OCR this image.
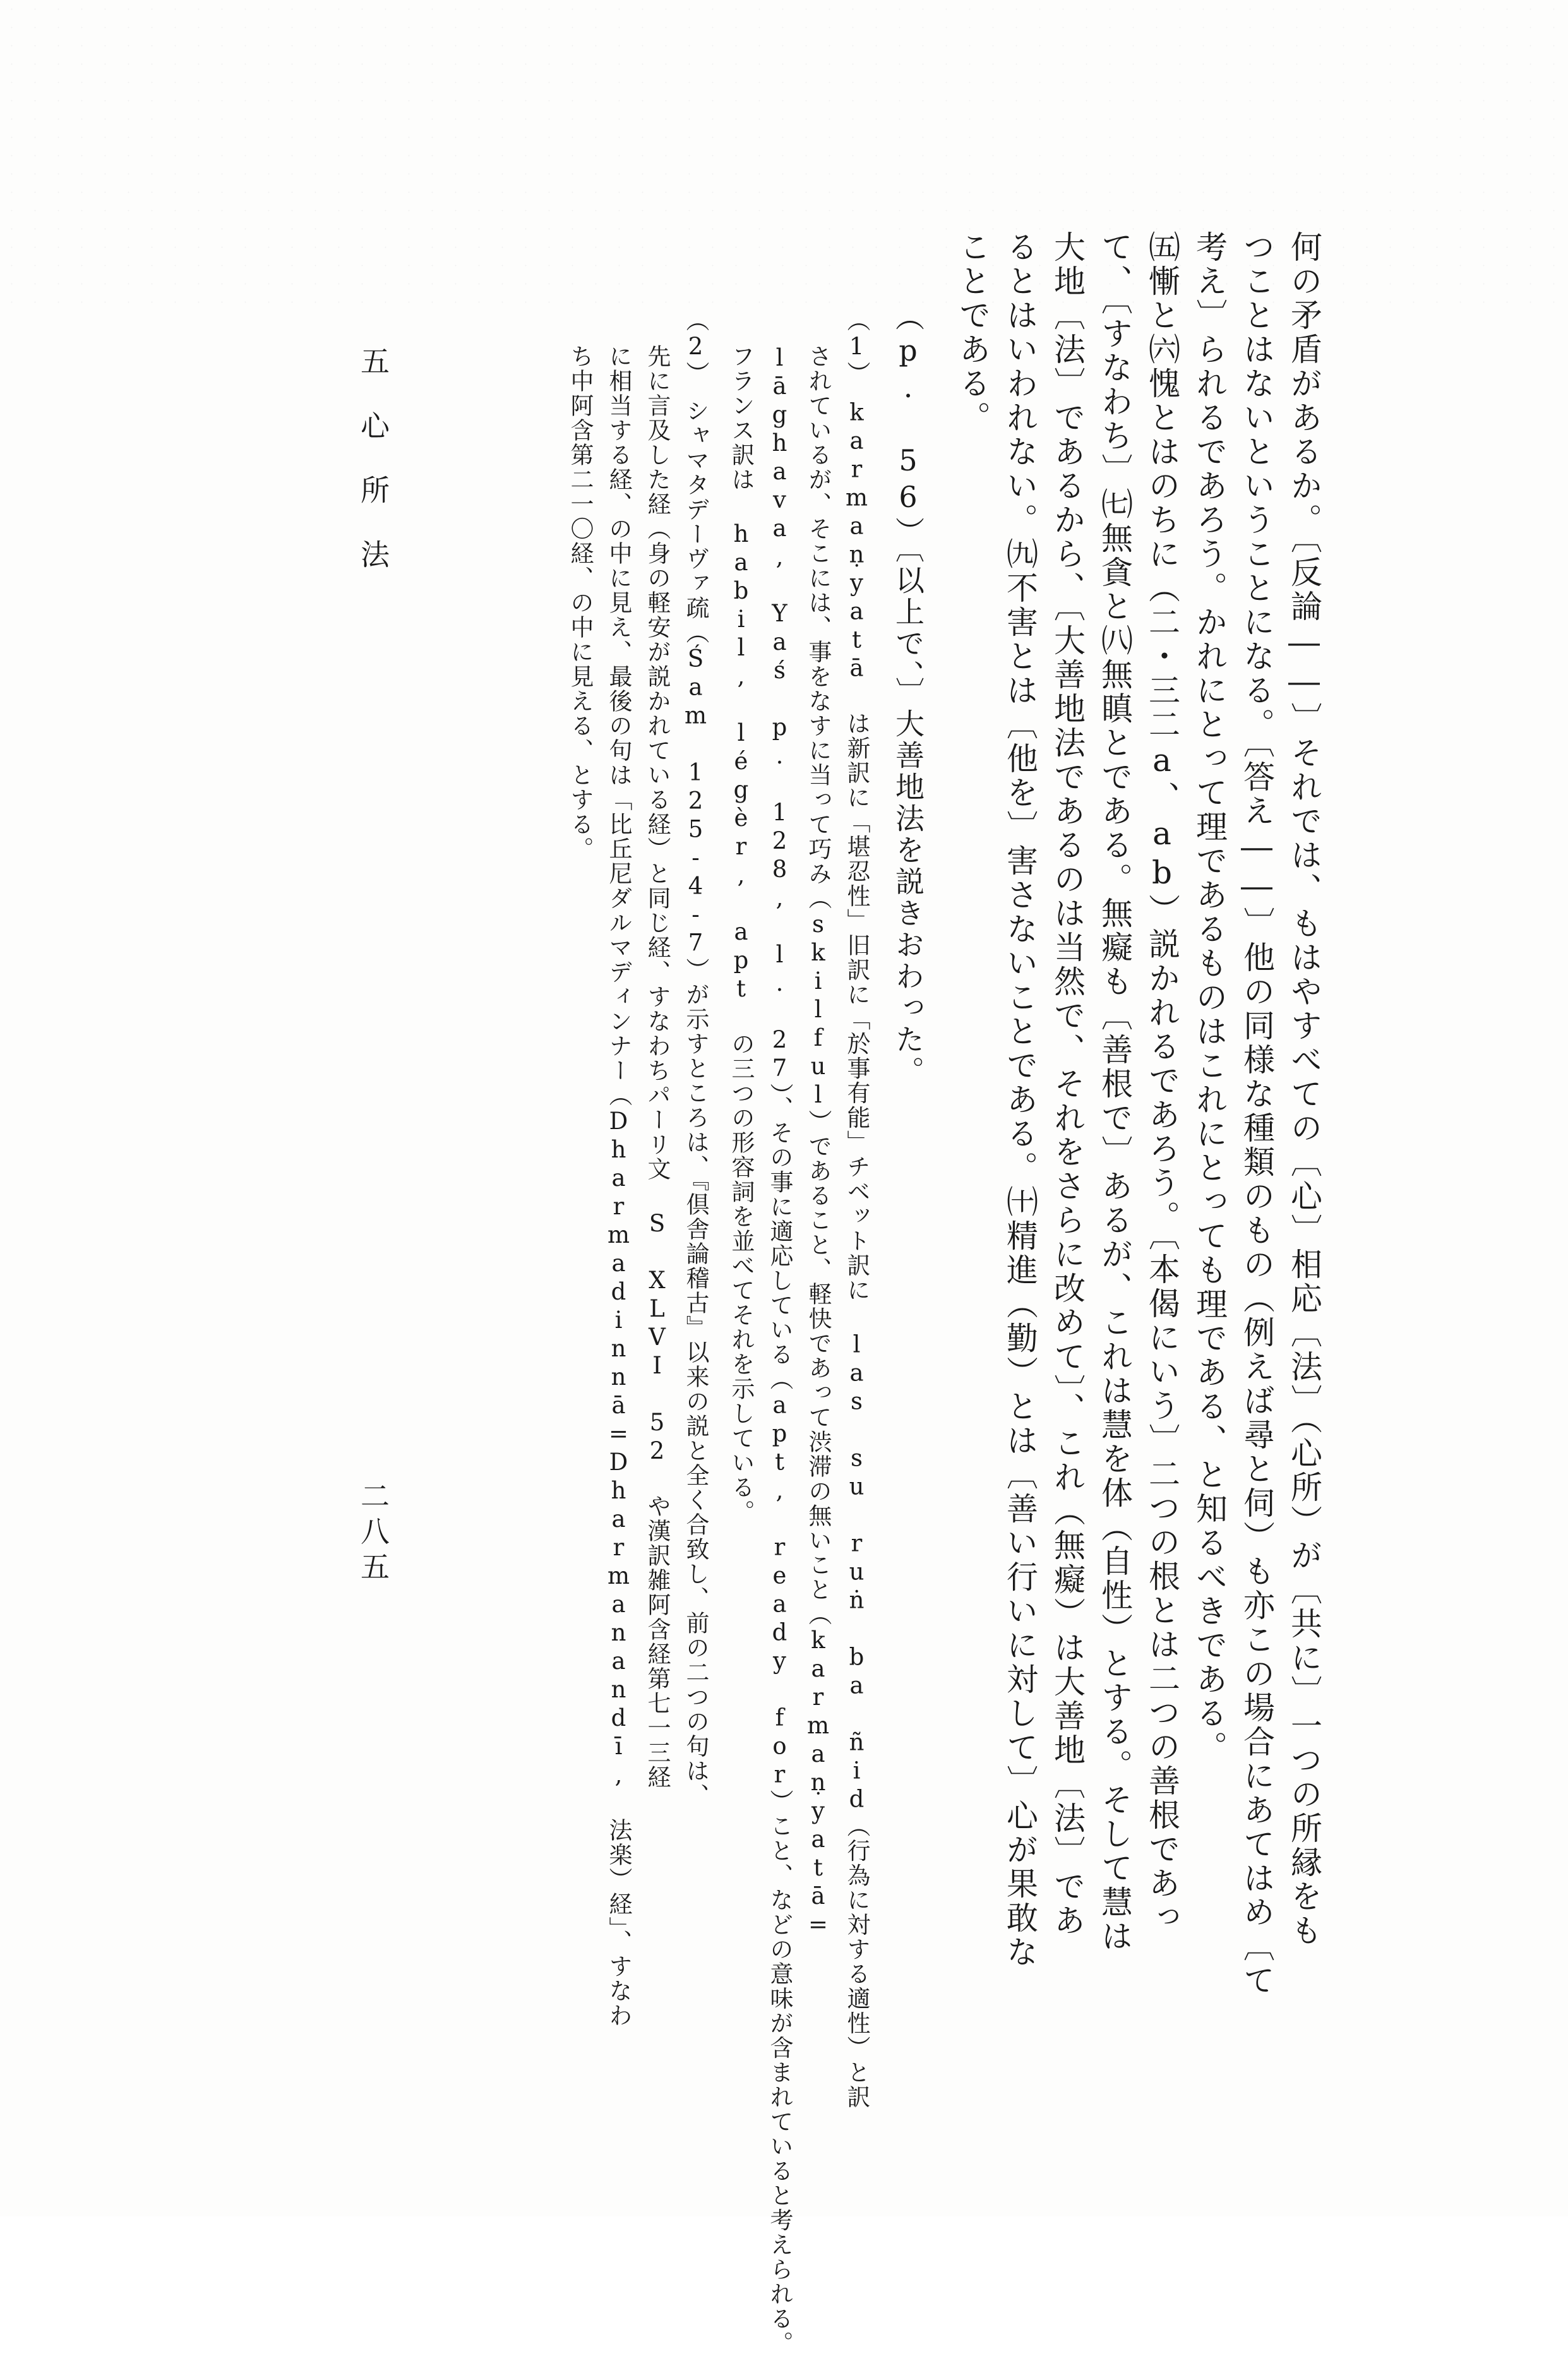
何の矛盾があるか。〔反論――〕それでは、もはやすべての〔心〕相応〔法〕（心所）が〔共に〕一つの所縁をも
つことはないということになる。〔答え――〕他の同様な種類のもの（例えば尋と伺）も亦この場合にあてはめ〔て
考え〕られるであろう。かれにとって理であるものはこれにとっても理である、と知るべきである。
㈤慚と㈥愧とはのちに（二・三二a、ab）説かれるであろう。〔本偈にいう〕二つの根とは二つの善根であっ
て、〔すなわち〕㈦無貪と㈧無瞋とである。無癡も〔善根で〕あるが、これは慧を体（自性）とする。そして慧は
大地〔法〕であるから、〔大善地法であるのは当然で、それをさらに改めて〕、これ（無癡）は大善地〔法〕であ
るとはいわれない。㈨不害とは〔他を〕害さないことである。㈩精進（勤）とは〔善い行いに対して〕心が果敢な
ことである。
（p. 56）〔以上で、〕大善地法を説きおわった。
（1）　karmaṇyatā は新訳に「堪忍性」旧訳に「於事有能」チベット訳に las su ruṅ ba ñid（行為に対する適性）と訳
されているが、そこには、事をなすに当って巧み（skilful）であること、軽快であって渋滞の無いこと（karmaṇyatā=
lāghava, Yaś p. 128, l. 27）、その事に適応している（apt, ready for）こと、などの意味が含まれていると考えられる。
フランス訳は habil, légèr, apt の三つの形容詞を並べてそれを示している。
（2）　シャマタデーヴァ疏（Śam 125-4-7）が示すところは、『倶舎論稽古』以来の説と全く合致し、前の二つの句は、
先に言及した経（身の軽安が説かれている経）と同じ経、すなわちパーリ文 S XLVI 52 や漢訳雑阿含経第七一三経
に相当する経、の中に見え、最後の句は「比丘尼ダルマディンナー（Dharmadinnā=Dharmanandī, 法楽）経」、すなわ
ち中阿含第二一〇経、の中に見える、とする。
五心所法
二八五
